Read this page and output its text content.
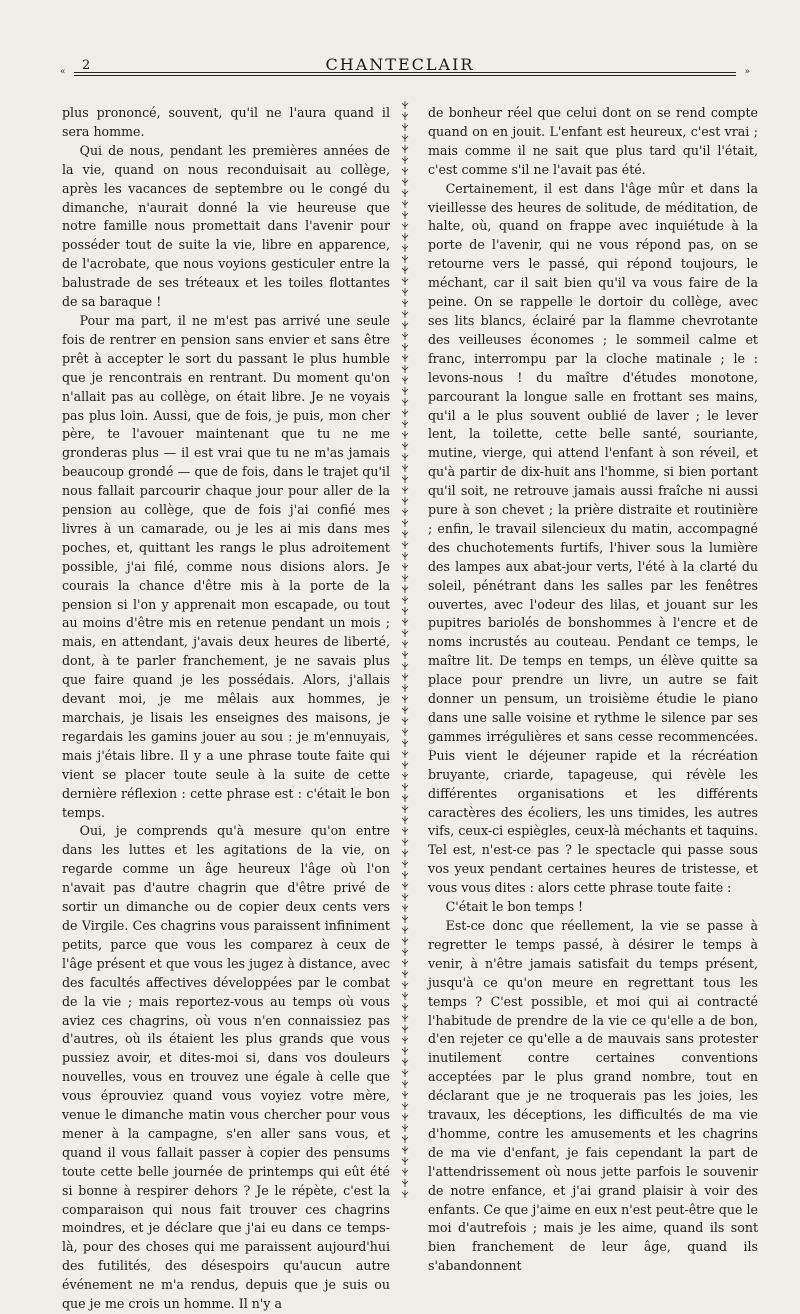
2	CHANTECLAIR
«	»

plus prononcé, souvent, qu'il ne l'aura quand il sera homme.

Qui de nous, pendant les premières années de la vie, quand on nous reconduisait au collège, après les vacances de septembre ou le congé du dimanche, n'aurait donné la vie heureuse que notre famille nous promettait dans l'avenir pour posséder tout de suite la vie, libre en apparence, de l'acrobate, que nous voyions gesticuler entre la balustrade de ses tréteaux et les toiles flottantes de sa baraque !

Pour ma part, il ne m'est pas arrivé une seule fois de rentrer en pension sans envier et sans être prêt à accepter le sort du passant le plus humble que je rencontrais en rentrant. Du moment qu'on n'allait pas au collège, on était libre. Je ne voyais pas plus loin. Aussi, que de fois, je puis, mon cher père, te l'avouer maintenant que tu ne me gronderas plus — il est vrai que tu ne m'as jamais beaucoup grondé — que de fois, dans le trajet qu'il nous fallait parcourir chaque jour pour aller de la pension au collège, que de fois j'ai confié mes livres à un camarade, ou je les ai mis dans mes poches, et, quittant les rangs le plus adroitement possible, j'ai filé, comme nous disions alors. Je courais la chance d'être mis à la porte de la pension si l'on y apprenait mon escapade, ou tout au moins d'être mis en retenue pendant un mois ; mais, en attendant, j'avais deux heures de liberté, dont, à te parler franchement, je ne savais plus que faire quand je les possédais. Alors, j'allais devant moi, je me mêlais aux hommes, je marchais, je lisais les enseignes des maisons, je regardais les gamins jouer au sou : je m'ennuyais, mais j'étais libre. Il y a une phrase toute faite qui vient se placer toute seule à la suite de cette dernière réflexion : cette phrase est : c'était le bon temps.

Oui, je comprends qu'à mesure qu'on entre dans les luttes et les agitations de la vie, on regarde comme un âge heureux l'âge où l'on n'avait pas d'autre chagrin que d'être privé de sortir un dimanche ou de copier deux cents vers de Virgile. Ces chagrins vous paraissent infiniment petits, parce que vous les comparez à ceux de l'âge présent et que vous les jugez à distance, avec des facultés affectives développées par le combat de la vie ; mais reportez-vous au temps où vous aviez ces chagrins, où vous n'en connaissiez pas d'autres, où ils étaient les plus grands que vous pussiez avoir, et dites-moi si, dans vos douleurs nouvelles, vous en trouvez une égale à celle que vous éprouviez quand vous voyiez votre mère, venue le dimanche matin vous chercher pour vous mener à la campagne, s'en aller sans vous, et quand il vous fallait passer à copier des pensums toute cette belle journée de printemps qui eût été si bonne à respirer dehors ? Je le répète, c'est la comparaison qui nous fait trouver ces chagrins moindres, et je déclare que j'ai eu dans ce temps-là, pour des choses qui me paraissent aujourd'hui des futilités, des désespoirs qu'aucun autre événement ne m'a rendus, depuis que je suis ou que je me crois un homme. Il n'y a

de bonheur réel que celui dont on se rend compte quand on en jouit. L'enfant est heureux, c'est vrai ; mais comme il ne sait que plus tard qu'il l'était, c'est comme s'il ne l'avait pas été.

Certainement, il est dans l'âge mûr et dans la vieillesse des heures de solitude, de méditation, de halte, où, quand on frappe avec inquiétude à la porte de l'avenir, qui ne vous répond pas, on se retourne vers le passé, qui répond toujours, le méchant, car il sait bien qu'il va vous faire de la peine. On se rappelle le dortoir du collège, avec ses lits blancs, éclairé par la flamme chevrotante des veilleuses économes ; le sommeil calme et franc, interrompu par la cloche matinale ; le : levons-nous ! du maître d'études monotone, parcourant la longue salle en frottant ses mains, qu'il a le plus souvent oublié de laver ; le lever lent, la toilette, cette belle santé, souriante, mutine, vierge, qui attend l'enfant à son réveil, et qu'à partir de dix-huit ans l'homme, si bien portant qu'il soit, ne retrouve jamais aussi fraîche ni aussi pure à son chevet ; la prière distraite et routinière ; enfin, le travail silencieux du matin, accompagné des chuchotements furtifs, l'hiver sous la lumière des lampes aux abat-jour verts, l'été à la clarté du soleil, pénétrant dans les salles par les fenêtres ouvertes, avec l'odeur des lilas, et jouant sur les pupitres bariolés de bonshommes à l'encre et de noms incrustés au couteau. Pendant ce temps, le maître lit. De temps en temps, un élève quitte sa place pour prendre un livre, un autre se fait donner un pensum, un troisième étudie le piano dans une salle voisine et rythme le silence par ses gammes irrégulières et sans cesse recommencées. Puis vient le déjeuner rapide et la récréation bruyante, criarde, tapageuse, qui révèle les différentes organisations et les différents caractères des écoliers, les uns timides, les autres vifs, ceux-ci espiègles, ceux-là méchants et taquins. Tel est, n'est-ce pas ? le spectacle qui passe sous vos yeux pendant certaines heures de tristesse, et vous vous dites : alors cette phrase toute faite :

C'était le bon temps !

Est-ce donc que réellement, la vie se passe à regretter le temps passé, à désirer le temps à venir, à n'être jamais satisfait du temps présent, jusqu'à ce qu'on meure en regrettant tous les temps ? C'est possible, et moi qui ai contracté l'habitude de prendre de la vie ce qu'elle a de bon, d'en rejeter ce qu'elle a de mauvais sans protester inutilement contre certaines conventions acceptées par le plus grand nombre, tout en déclarant que je ne troquerais pas les joies, les travaux, les déceptions, les difficultés de ma vie d'homme, contre les amusements et les chagrins de ma vie d'enfant, je fais cependant la part de l'attendrissement où nous jette parfois le souvenir de notre enfance, et j'ai grand plaisir à voir des enfants. Ce que j'aime en eux n'est peut-être que le moi d'autrefois ; mais je les aime, quand ils sont bien franchement de leur âge, quand ils s'abandonnent
